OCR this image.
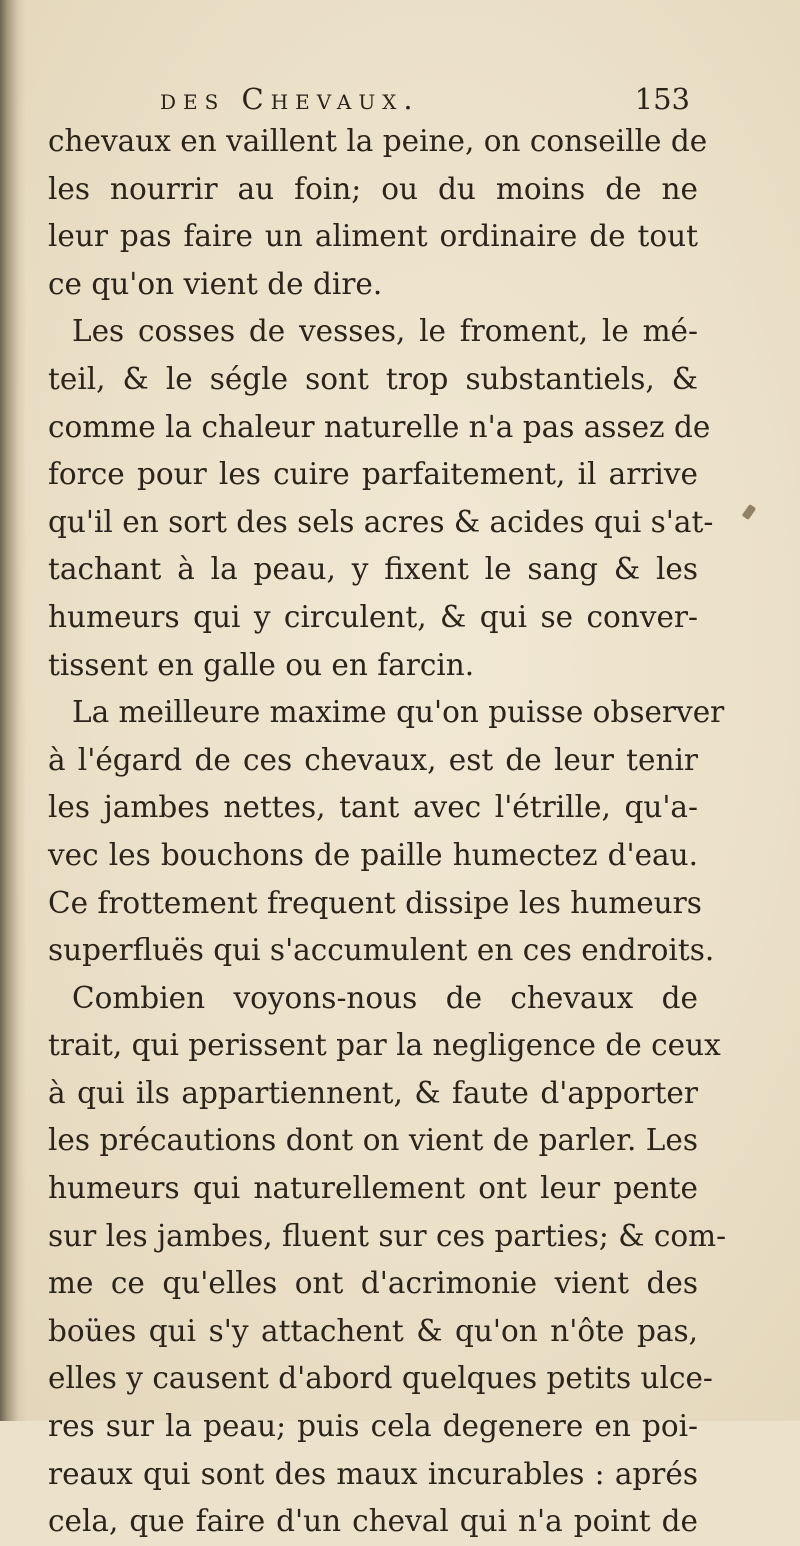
des Chevaux.	153
chevaux en vaillent la peine, on conseille de
les nourrir au foin; ou du moins de ne
leur pas faire un aliment ordinaire de tout
ce qu'on vient de dire.
Les cosses de vesses, le froment, le mé-
teil, & le ségle sont trop substantiels, &
comme la chaleur naturelle n'a pas assez de
force pour les cuire parfaitement, il arrive
qu'il en sort des sels acres & acides qui s'at-
tachant à la peau, y fixent le sang & les
humeurs qui y circulent, & qui se conver-
tissent en galle ou en farcin.
La meilleure maxime qu'on puisse observer
à l'égard de ces chevaux, est de leur tenir
les jambes nettes, tant avec l'étrille, qu'a-
vec les bouchons de paille humectez d'eau.
Ce frottement frequent dissipe les humeurs
superfluës qui s'accumulent en ces endroits.
Combien voyons-nous de chevaux de
trait, qui perissent par la negligence de ceux
à qui ils appartiennent, & faute d'apporter
les précautions dont on vient de parler. Les
humeurs qui naturellement ont leur pente
sur les jambes, fluent sur ces parties; & com-
me ce qu'elles ont d'acrimonie vient des
boües qui s'y attachent & qu'on n'ôte pas,
elles y causent d'abord quelques petits ulce-
res sur la peau; puis cela degenere en poi-
reaux qui sont des maux incurables : aprés
cela, que faire d'un cheval qui n'a point de
